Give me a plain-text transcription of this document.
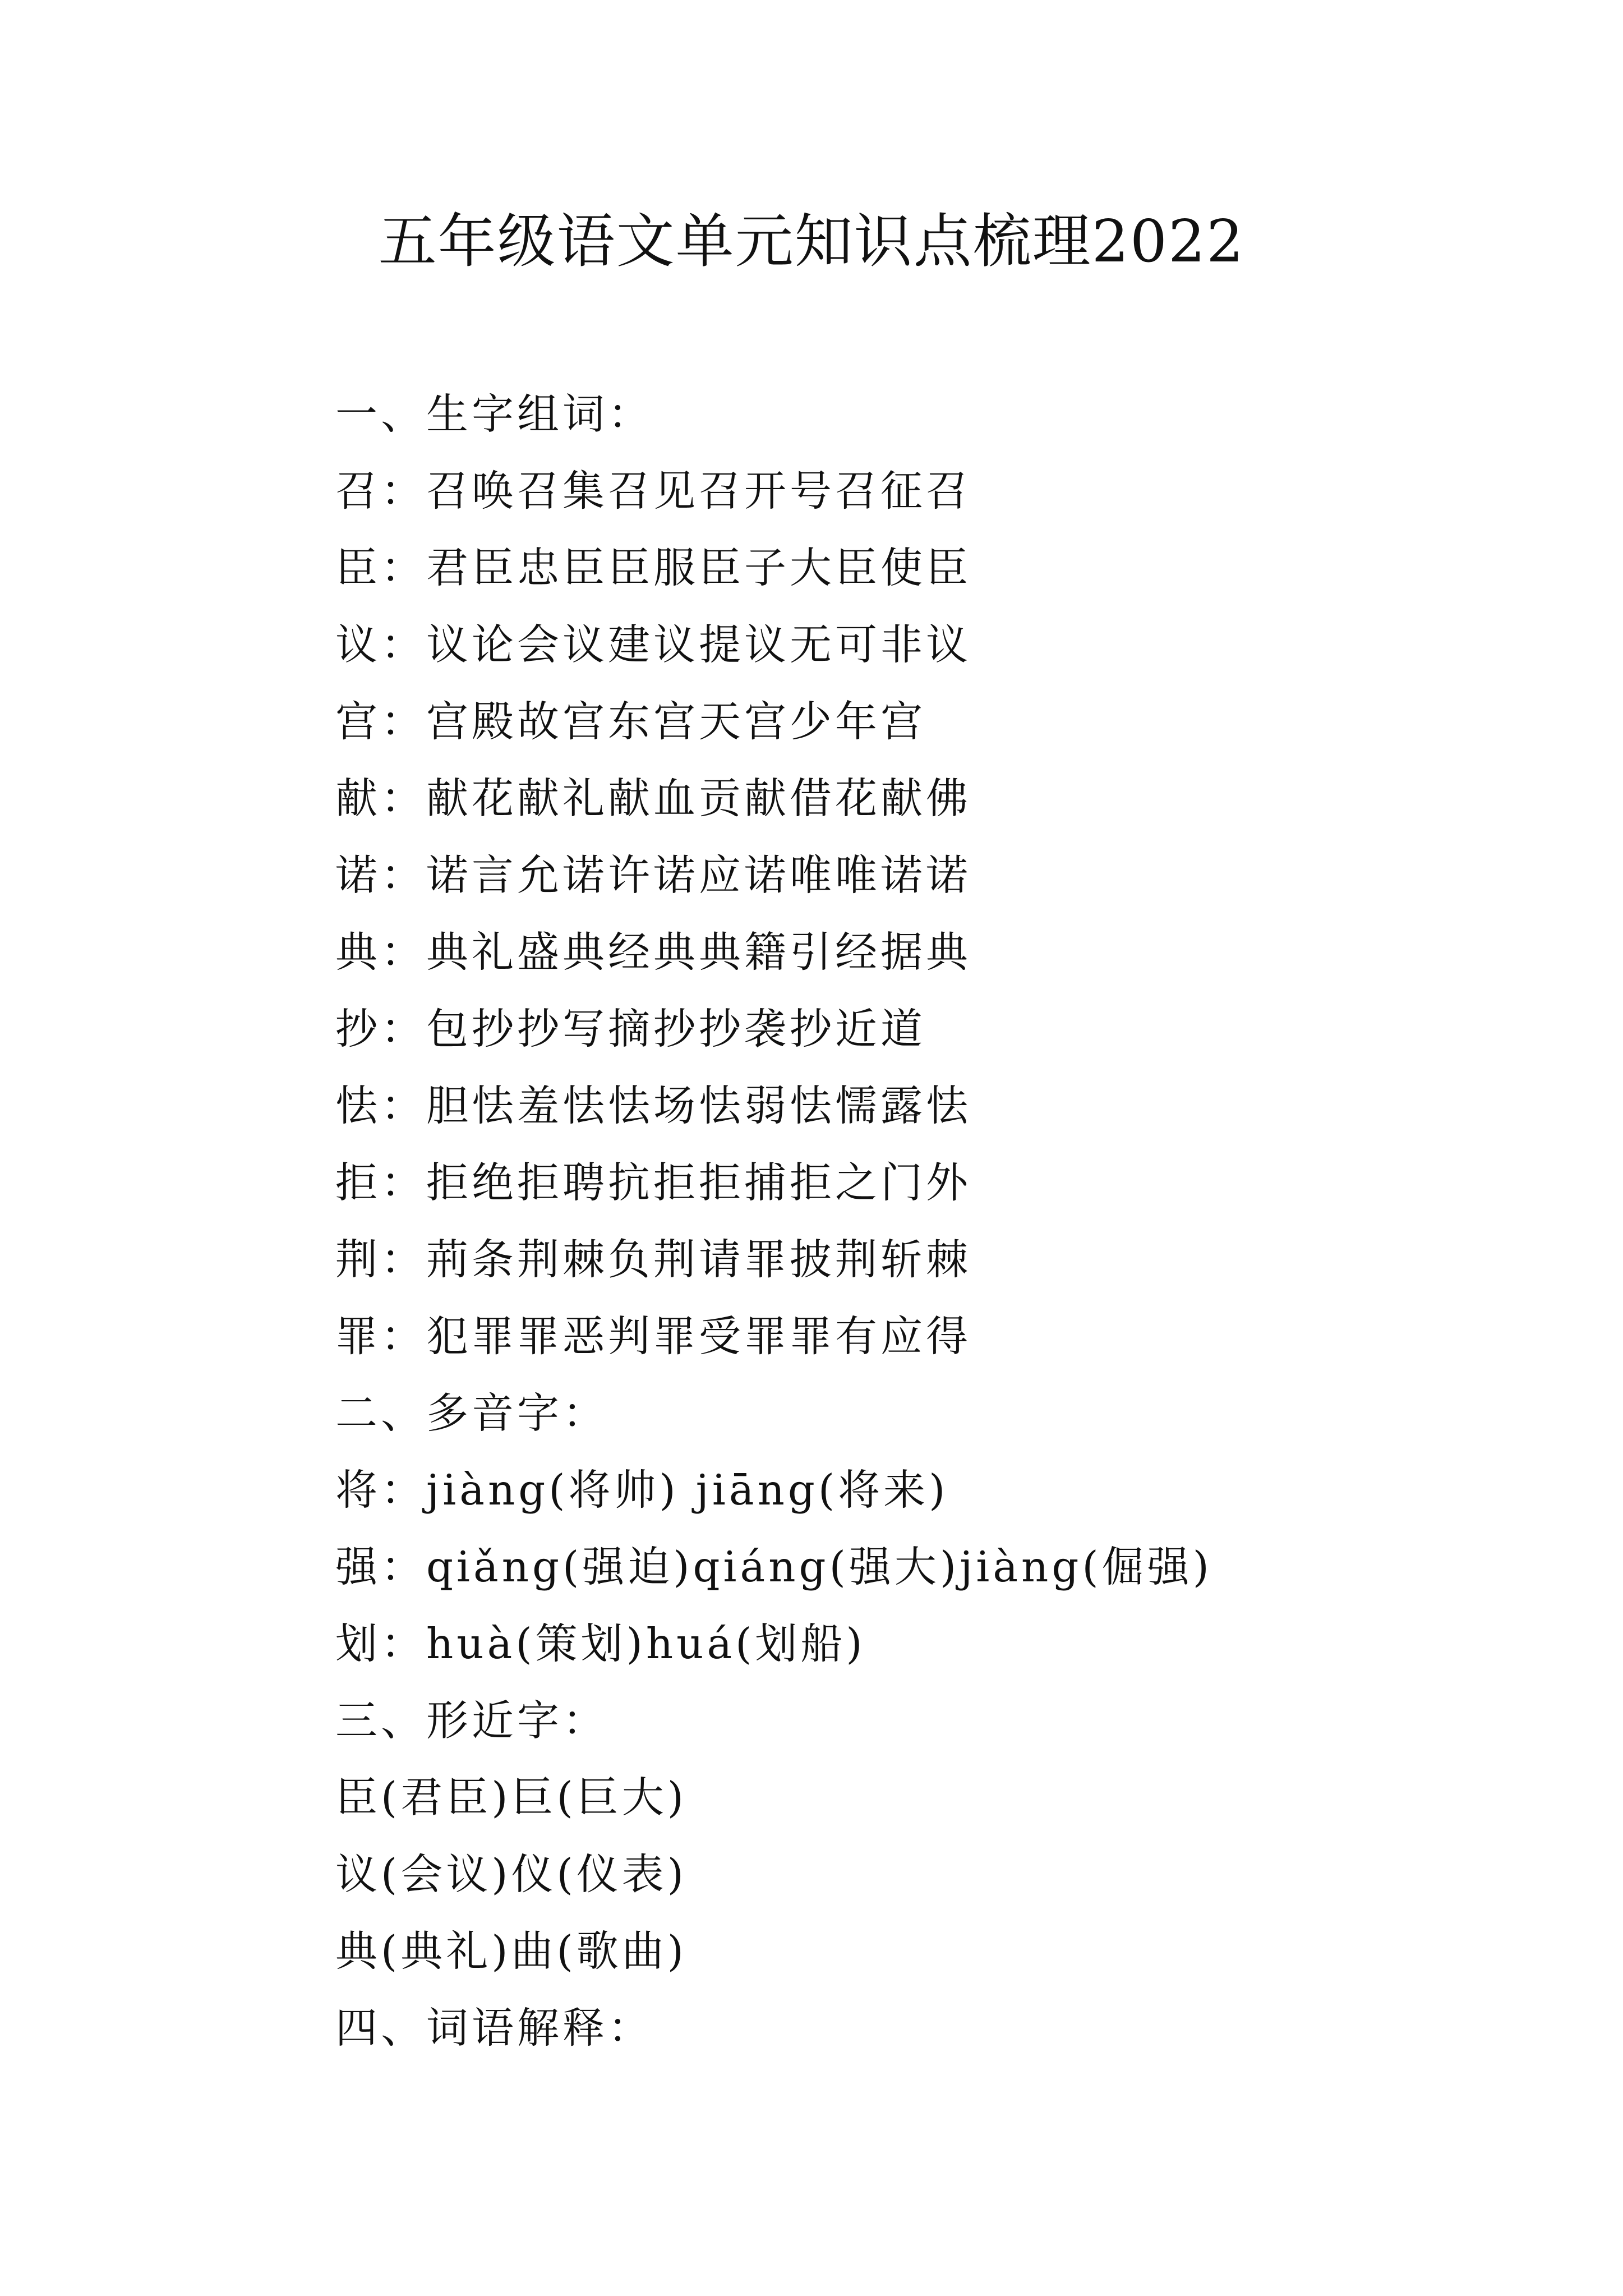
五年级语文单元知识点梳理2022
一、生字组词：
召：召唤召集召见召开号召征召
臣：君臣忠臣臣服臣子大臣使臣
议：议论会议建议提议无可非议
宫：宫殿故宫东宫天宫少年宫
献：献花献礼献血贡献借花献佛
诺：诺言允诺许诺应诺唯唯诺诺
典：典礼盛典经典典籍引经据典
抄：包抄抄写摘抄抄袭抄近道
怯：胆怯羞怯怯场怯弱怯懦露怯
拒：拒绝拒聘抗拒拒捕拒之门外
荆：荊条荆棘负荆请罪披荆斩棘
罪：犯罪罪恶判罪受罪罪有应得
二、多音字：
将：jiàng(将帅) jiāng(将来)
强：qiǎng(强迫)qiáng(强大)jiàng(倔强)
划：huà(策划)huá(划船)
三、形近字：
臣(君臣)巨(巨大)
议(会议)仪(仪表)
典(典礼)曲(歌曲)
四、词语解释：
